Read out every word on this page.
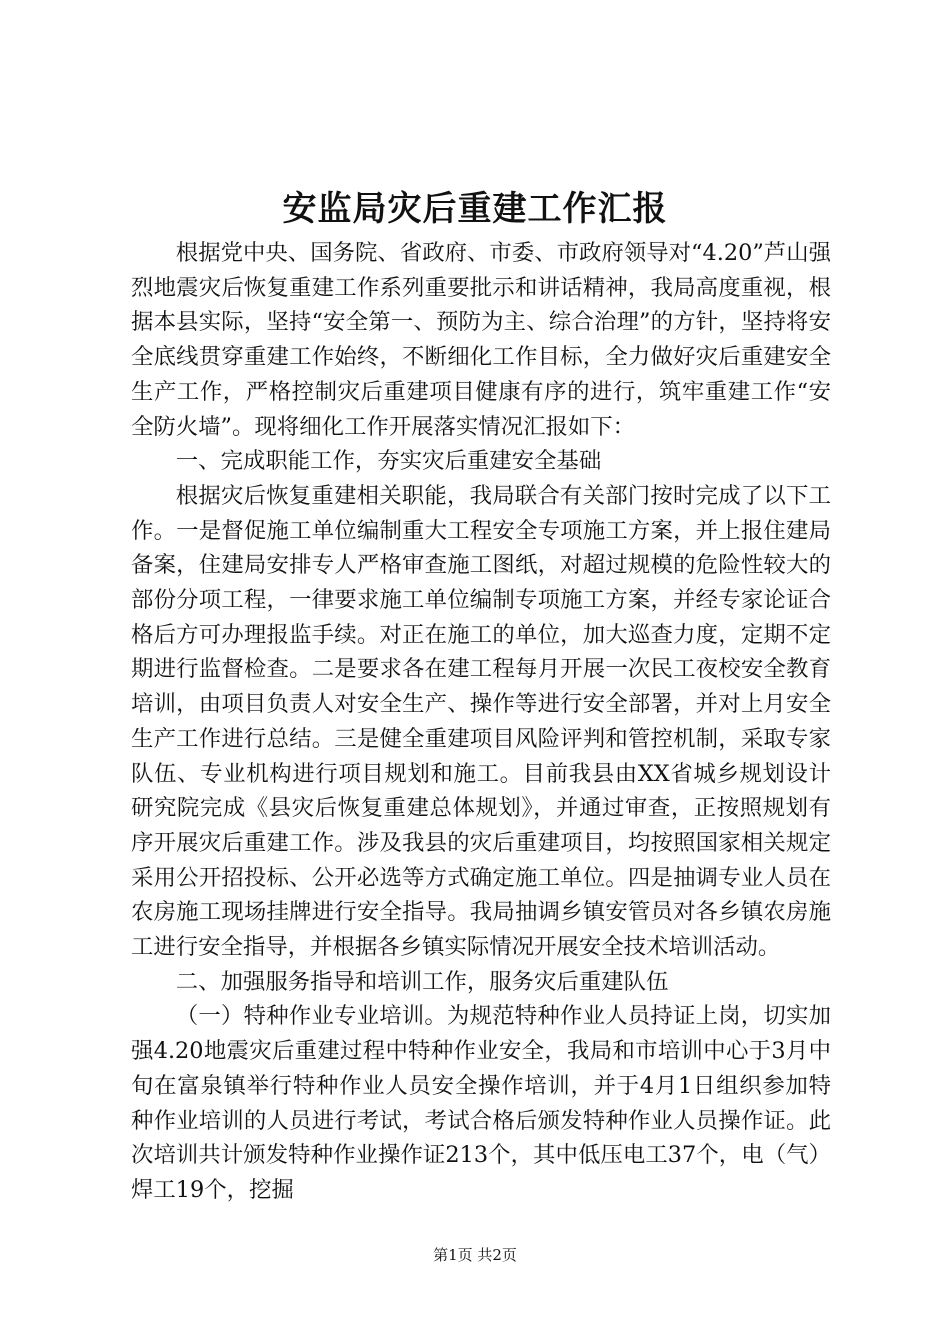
安监局灾后重建工作汇报

根据党中央、国务院、省政府、市委、市政府领导对“4.20”芦山强烈地震灾后恢复重建工作系列重要批示和讲话精神，我局高度重视，根据本县实际，坚持“安全第一、预防为主、综合治理”的方针，坚持将安全底线贯穿重建工作始终，不断细化工作目标，全力做好灾后重建安全生产工作，严格控制灾后重建项目健康有序的进行，筑牢重建工作“安全防火墙”。现将细化工作开展落实情况汇报如下：

一、完成职能工作，夯实灾后重建安全基础

根据灾后恢复重建相关职能，我局联合有关部门按时完成了以下工作。一是督促施工单位编制重大工程安全专项施工方案，并上报住建局备案，住建局安排专人严格审查施工图纸，对超过规模的危险性较大的部份分项工程，一律要求施工单位编制专项施工方案，并经专家论证合格后方可办理报监手续。对正在施工的单位，加大巡查力度，定期不定期进行监督检查。二是要求各在建工程每月开展一次民工夜校安全教育培训，由项目负责人对安全生产、操作等进行安全部署，并对上月安全生产工作进行总结。三是健全重建项目风险评判和管控机制，采取专家队伍、专业机构进行项目规划和施工。目前我县由XX省城乡规划设计研究院完成《县灾后恢复重建总体规划》，并通过审查，正按照规划有序开展灾后重建工作。涉及我县的灾后重建项目，均按照国家相关规定采用公开招投标、公开必选等方式确定施工单位。四是抽调专业人员在农房施工现场挂牌进行安全指导。我局抽调乡镇安管员对各乡镇农房施工进行安全指导，并根据各乡镇实际情况开展安全技术培训活动。

二、加强服务指导和培训工作，服务灾后重建队伍

（一）特种作业专业培训。为规范特种作业人员持证上岗，切实加强4.20地震灾后重建过程中特种作业安全，我局和市培训中心于3月中旬在富泉镇举行特种作业人员安全操作培训，并于4月1日组织参加特种作业培训的人员进行考试，考试合格后颁发特种作业人员操作证。此次培训共计颁发特种作业操作证213个，其中低压电工37个，电（气）焊工19个，挖掘

第1页 共2页
